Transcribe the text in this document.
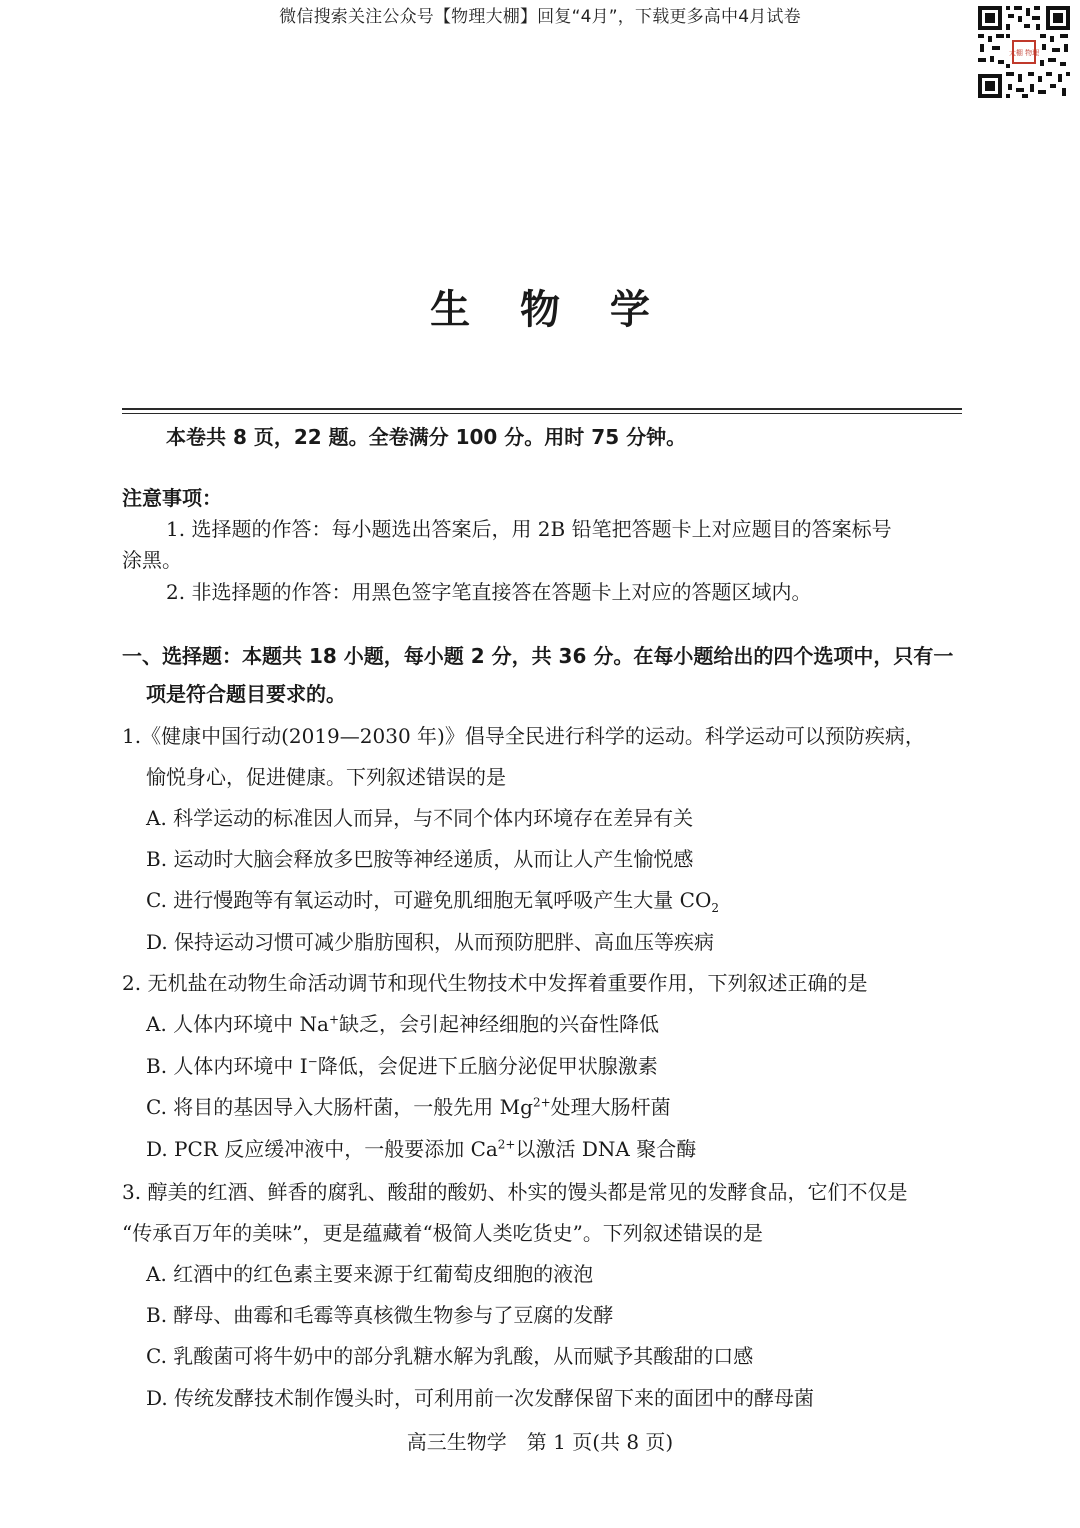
微信搜索关注公众号【物理大棚】回复“4月”，下载更多高中4月试卷
大棚 物理
生 物 学
本卷共 8 页，22 题。全卷满分 100 分。用时 75 分钟。
注意事项：
1. 选择题的作答：每小题选出答案后，用 2B 铅笔把答题卡上对应题目的答案标号
涂黑。
2. 非选择题的作答：用黑色签字笔直接答在答题卡上对应的答题区域内。
一、选择题：本题共 18 小题，每小题 2 分，共 36 分。在每小题给出的四个选项中，只有一
项是符合题目要求的。
1.《健康中国行动(2019—2030 年)》倡导全民进行科学的运动。科学运动可以预防疾病，
愉悦身心，促进健康。下列叙述错误的是
A. 科学运动的标准因人而异，与不同个体内环境存在差异有关
B. 运动时大脑会释放多巴胺等神经递质，从而让人产生愉悦感
C. 进行慢跑等有氧运动时，可避免肌细胞无氧呼吸产生大量 $CO_2$
D. 保持运动习惯可减少脂肪囤积，从而预防肥胖、高血压等疾病
2. 无机盐在动物生命活动调节和现代生物技术中发挥着重要作用，下列叙述正确的是
A. 人体内环境中 Na+缺乏，会引起神经细胞的兴奋性降低
B. 人体内环境中 I−降低，会促进下丘脑分泌促甲状腺激素
C. 将目的基因导入大肠杆菌，一般先用 $Mg^{2+}$处理大肠杆菌
D. PCR 反应缓冲液中，一般要添加 $Ca^{2+}$以激活 DNA 聚合酶
3. 醇美的红酒、鲜香的腐乳、酸甜的酸奶、朴实的馒头都是常见的发酵食品，它们不仅是
“传承百万年的美味”，更是蕴藏着“极简人类吃货史”。下列叙述错误的是
A. 红酒中的红色素主要来源于红葡萄皮细胞的液泡
B. 酵母、曲霉和毛霉等真核微生物参与了豆腐的发酵
C. 乳酸菌可将牛奶中的部分乳糖水解为乳酸，从而赋予其酸甜的口感
D. 传统发酵技术制作馒头时，可利用前一次发酵保留下来的面团中的酵母菌
高三生物学　第 1 页(共 8 页)
